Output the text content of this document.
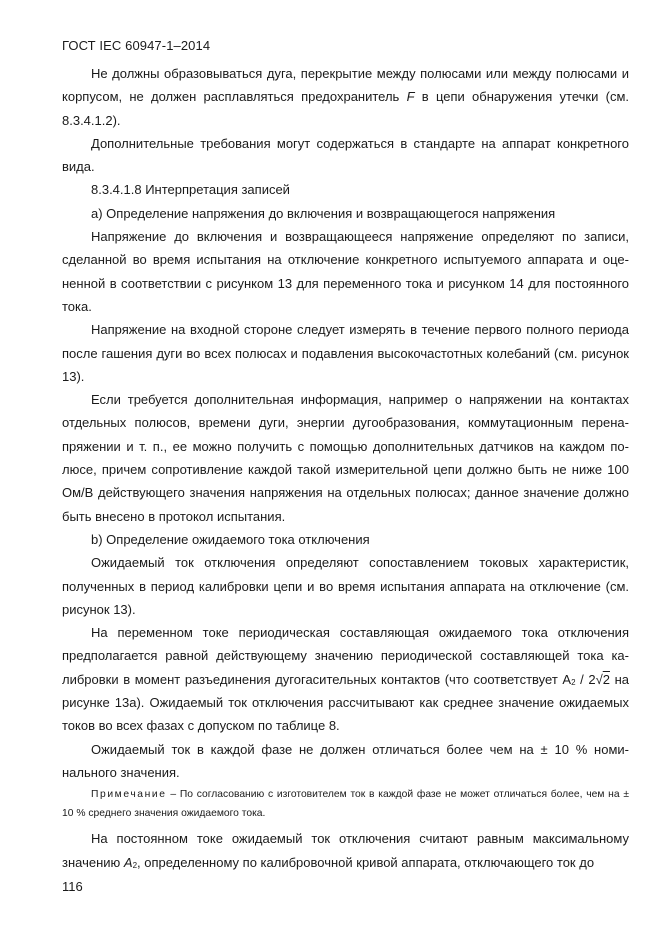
ГОСТ IEC 60947-1–2014

Не должны образовываться дуга, перекрытие между полюсами или между полюсами и корпусом, не должен расплавляться предохранитель F в цепи обнаружения утечки (см. 8.3.4.1.2).

Дополнительные требования могут содержаться в стандарте на аппарат конкретного вида.

8.3.4.1.8 Интерпретация записей

a) Определение напряжения до включения и возвращающегося напряжения

Напряжение до включения и возвращающееся напряжение определяют по записи, сделанной во время испытания на отключение конкретного испытуемого аппарата и оцененной в соответствии с рисунком 13 для переменного тока и рисунком 14 для постоянного тока.

Напряжение на входной стороне следует измерять в течение первого полного периода после гашения дуги во всех полюсах и подавления высокочастотных колебаний (см. рисунок 13).

Если требуется дополнительная информация, например о напряжении на контактах отдельных полюсов, времени дуги, энергии дугообразования, коммутационным перенапряжении и т. п., ее можно получить с помощью дополнительных датчиков на каждом полюсе, причем сопротивление каждой такой измерительной цепи должно быть не ниже 100 Ом/В действующего значения напряжения на отдельных полюсах; данное значение должно быть внесено в протокол испытания.

b) Определение ожидаемого тока отключения

Ожидаемый ток отключения определяют сопоставлением токовых характеристик, полученных в период калибровки цепи и во время испытания аппарата на отключение (см. рисунок 13).

На переменном токе периодическая составляющая ожидаемого тока отключения предполагается равной действующему значению периодической составляющей тока калибровки в момент разъединения дугогасительных контактов (что соответствует $A_2 / 2√2$ на рисунке 13а). Ожидаемый ток отключения рассчитывают как среднее значение ожидаемых токов во всех фазах с допуском по таблице 8.

Ожидаемый ток в каждой фазе не должен отличаться более чем на ± 10 % номинального значения.

Примечание – По согласованию с изготовителем ток в каждой фазе не может отличаться более, чем на ± 10 % среднего значения ожидаемого тока.

На постоянном токе ожидаемый ток отключения считают равным максимальному значению $A_2$, определенному по калибровочной кривой аппарата, отключающего ток до

116
